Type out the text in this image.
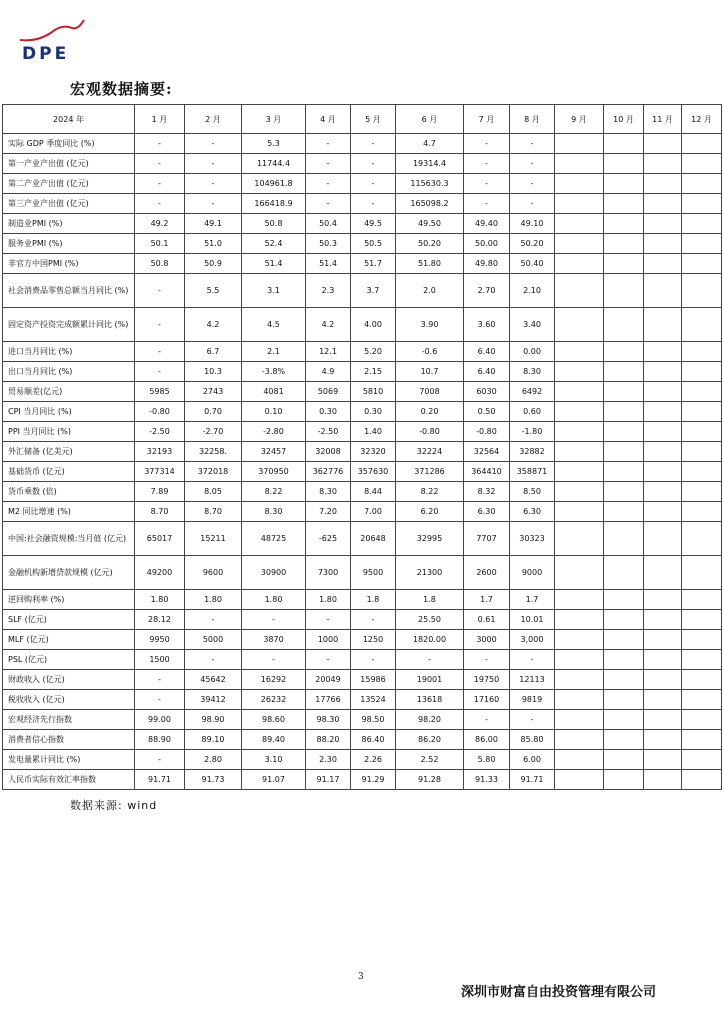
DPE
宏观数据摘要:
2024 年	1 月	2 月	3 月	4 月	5 月	6 月	7 月	8 月	9 月	10 月	11 月	12 月
实际 GDP 季度同比 (%)	-	-	5.3	-	-	4.7	-	-				
第一产业产出值 (亿元)	-	-	11744.4	-	-	19314.4	-	-				
第二产业产出值 (亿元)	-	-	104961.8	-	-	115630.3	-	-				
第三产业产出值 (亿元)	-	-	166418.9	-	-	165098.2	-	-				
制造业PMI (%)	49.2	49.1	50.8	50.4	49.5	49.50	49.40	49.10				
服务业PMI (%)	50.1	51.0	52.4	50.3	50.5	50.20	50.00	50.20				
非官方中国PMI (%)	50.8	50.9	51.4	51.4	51.7	51.80	49.80	50.40				
社会消费品零售总额当月同比 (%)	-	5.5	3.1	2.3	3.7	2.0	2.70	2.10				
固定资产投资完成额累计同比 (%)	-	4.2	4.5	4.2	4.00	3.90	3.60	3.40				
进口当月同比 (%)	-	6.7	2.1	12.1	5.20	-0.6	6.40	0.00				
出口当月同比 (%)	-	10.3	-3.8%	4.9	2.15	10.7	6.40	8.30				
贸易顺差(亿元)	5985	2743	4081	5069	5810	7008	6030	6492				
CPI 当月同比 (%)	-0.80	0.70	0.10	0.30	0.30	0.20	0.50	0.60				
PPI 当月同比 (%)	-2.50	-2.70	-2.80	-2.50	1.40	-0.80	-0.80	-1.80				
外汇储备 (亿美元)	32193	32258.	32457	32008	32320	32224	32564	32882				
基础货币 (亿元)	377314	372018	370950	362776	357630	371286	364410	358871				
货币乘数 (倍)	7.89	8.05	8.22	8.30	8.44	8.22	8.32	8.50				
M2 同比增速 (%)	8.70	8.70	8.30	7.20	7.00	6.20	6.30	6.30				
中国:社会融资规模:当月值 (亿元)	65017	15211	48725	-625	20648	32995	7707	30323				
金融机构新增贷款规模 (亿元)	49200	9600	30900	7300	9500	21300	2600	9000				
逆回购利率 (%)	1.80	1.80	1.80	1.80	1.8	1.8	1.7	1.7				
SLF (亿元)	28.12	-	-	-	-	25.50	0.61	10.01				
MLF (亿元)	9950	5000	3870	1000	1250	1820.00	3000	3,000				
PSL (亿元)	1500	-	-	-	-	-	-	-				
财政收入 (亿元)	-	45642	16292	20049	15986	19001	19750	12113				
税收收入 (亿元)	-	39412	26232	17766	13524	13618	17160	9819				
宏观经济先行指数	99.00	98.90	98.60	98.30	98.50	98.20	-	-				
消费者信心指数	88.90	89.10	89.40	88.20	86.40	86.20	86.00	85.80				
发电量累计同比 (%)	-	2.80	3.10	2.30	2.26	2.52	5.80	6.00				
人民币实际有效汇率指数	91.71	91.73	91.07	91.17	91.29	91.28	91.33	91.71				
数据来源: wind
3
深圳市财富自由投资管理有限公司
